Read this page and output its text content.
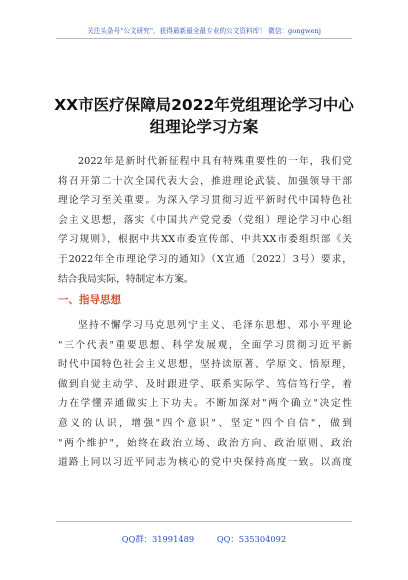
关注头条号"公文研究"，获得最新最全最专业的公文资料库！ 微信：gongwenj
XX市医疗保障局2022年党组理论学习中心
组理论学习方案
2022年是新时代新征程中具有特殊重要性的一年，我们党
将召开第二十次全国代表大会，推进理论武装、加强领导干部
理论学习至关重要。为深入学习贯彻习近平新时代中国特色社
会主义思想，落实《中国共产党党委（党组）理论学习中心组
学习规则》，根据中共XX市委宣传部、中共XX市委组织部《关
于2022年全市理论学习的通知》（X宣通〔2022〕3号）要求，
结合我局实际，特制定本方案。
一、指导思想
坚持不懈学习马克思列宁主义、毛泽东思想、邓小平理论
"三个代表"重要思想、科学发展观，全面学习贯彻习近平新
时代中国特色社会主义思想，坚持读原著、学原文、悟原理，
做到自觉主动学、及时跟进学、联系实际学、笃信笃行学，着
力在学懂弄通做实上下功夫。不断加深对"两个确立"决定性
意义的认识，增强"四个意识"、坚定"四个自信"，做到
"两个维护"，始终在政治立场、政治方向、政治原则、政治
道路上同以习近平同志为核心的党中央保持高度一致。以高度
QQ群：31991489	QQ：535304092
